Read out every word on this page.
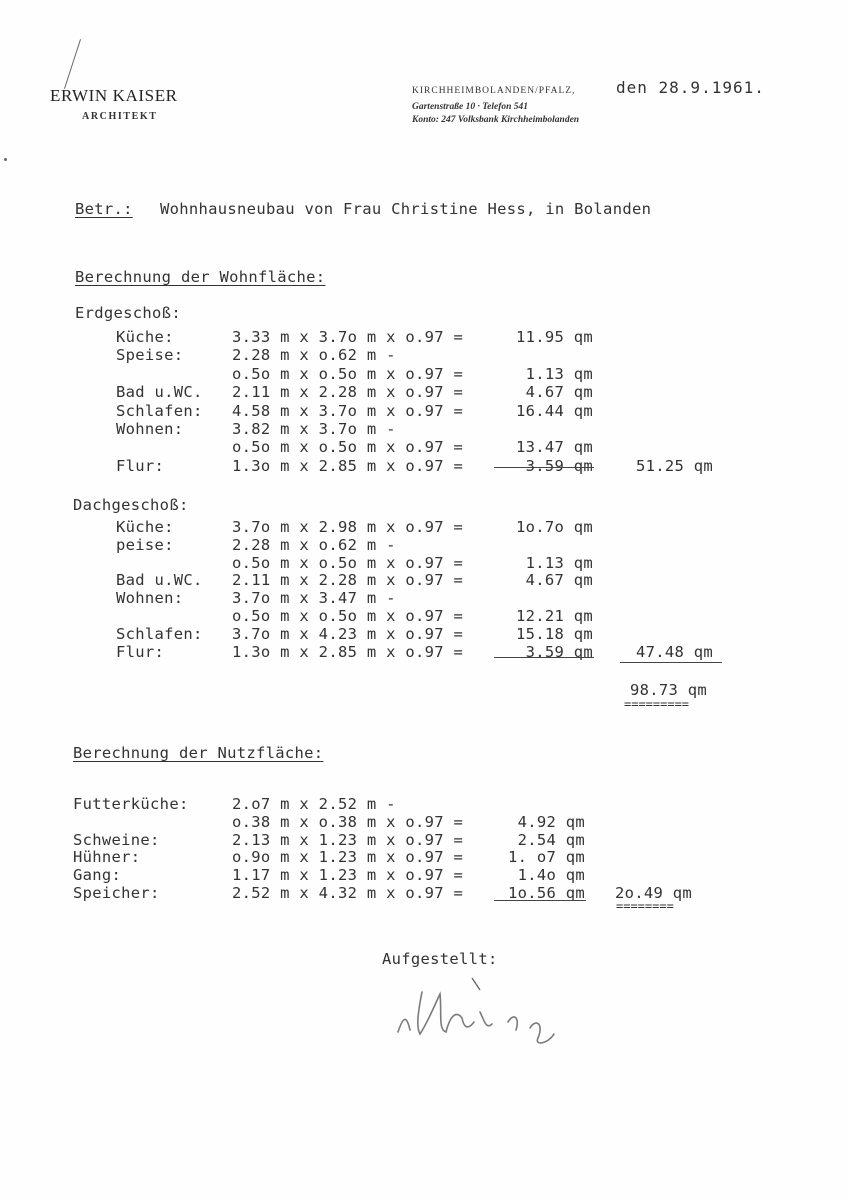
ERWIN KAISER
ARCHITEKT
KIRCHHEIMBOLANDEN/PFALZ,
Gartenstraße 10 · Telefon 541
Konto: 247 Volksbank Kirchheimbolanden
den 28.9.1961.
Betr.: Wohnhausneubau von Frau Christine Hess, in Bolanden
Berechnung der Wohnfläche:
Erdgeschoß:
Küche:	3.33 m x 3.7o m x o.97 =	11.95 qm
Speise:	2.28 m x o.62 m -
o.5o m x o.5o m x o.97 =	1.13 qm
Bad u.WC. 2.11 m x 2.28 m x o.97 =	4.67 qm
Schlafen: 4.58 m x 3.7o m x o.97 =	16.44 qm
Wohnen:	3.82 m x 3.7o m -
o.5o m x o.5o m x o.97 =	13.47 qm
Flur:	1.3o m x 2.85 m x o.97 =	3.59 qm	51.25 qm
Dachgeschoß:
Küche:	3.7o m x 2.98 m x o.97 =	1o.7o qm
peise:	2.28 m x o.62 m -
o.5o m x o.5o m x o.97 =	1.13 qm
Bad u.WC. 2.11 m x 2.28 m x o.97 =	4.67 qm
Wohnen:	3.7o m x 3.47 m -
o.5o m x o.5o m x o.97 =	12.21 qm
Schlafen: 3.7o m x 4.23 m x o.97 =	15.18 qm
Flur:	1.3o m x 2.85 m x o.97 =	3.59 qm	47.48 qm
98.73 qm
=========
Berechnung der Nutzfläche:
Futterküche:	2.o7 m x 2.52 m -
o.38 m x o.38 m x o.97 =	4.92 qm
Schweine:	2.13 m x 1.23 m x o.97 =	2.54 qm
Hühner:	o.9o m x 1.23 m x o.97 =	1. o7 qm
Gang:	1.17 m x 1.23 m x o.97 =	1.4o qm
Speicher:	2.52 m x 4.32 m x o.97 =	1o.56 qm 2o.49 qm
========
Aufgestellt:
